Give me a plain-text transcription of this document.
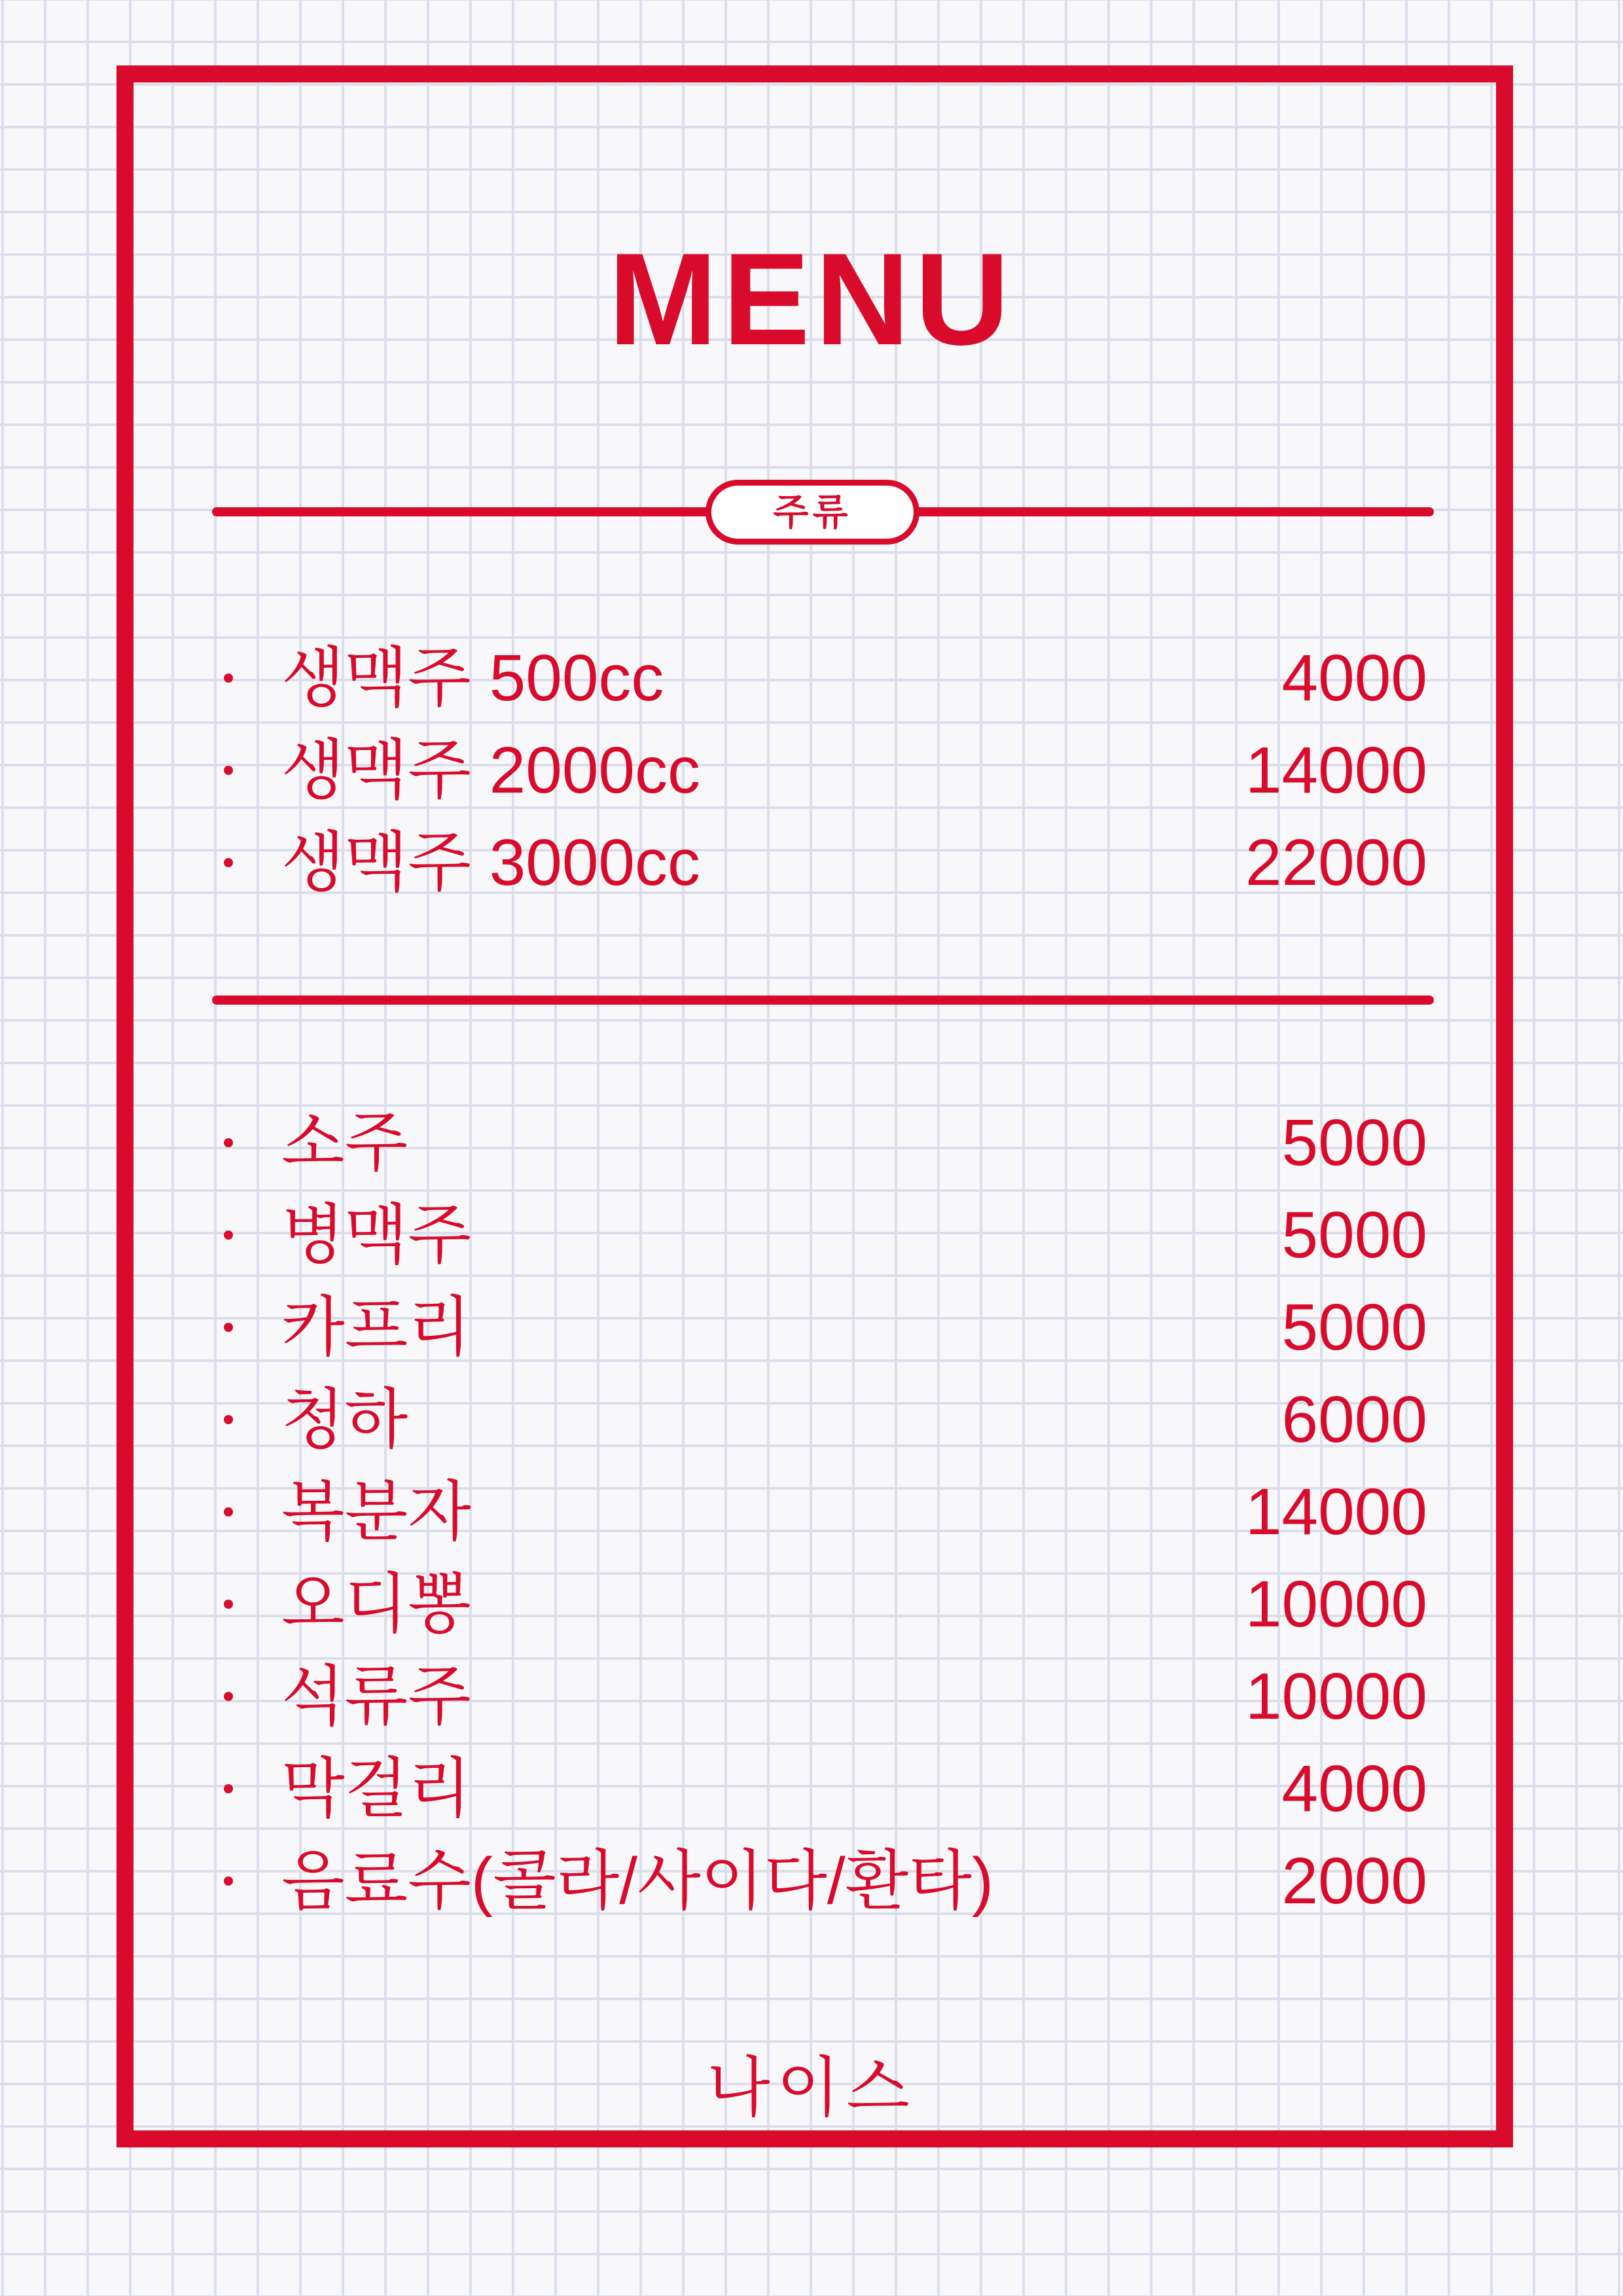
MENU
주류
생맥주 500cc	4000
생맥주 2000cc	14000
생맥주 3000cc	22000
소주	5000
병맥주	5000
카프리	5000
청하	6000
복분자	14000
오디뽕	10000
석류주	10000
막걸리	4000
음료수(콜라/사이다/환타)	2000
나이스
